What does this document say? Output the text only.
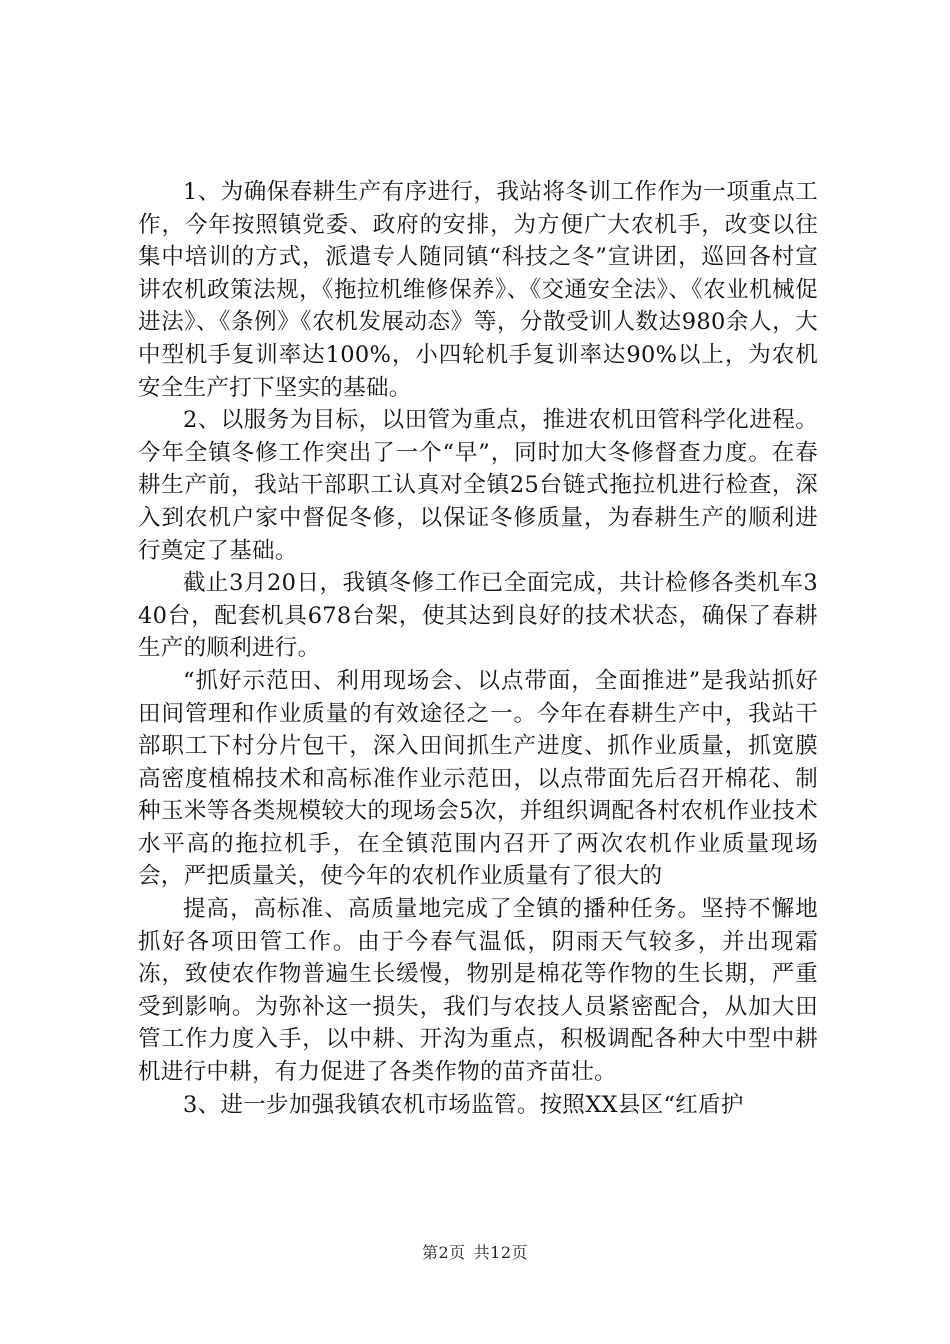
1、为确保春耕生产有序进行，我站将冬训工作作为一项重点工作，今年按照镇党委、政府的安排，为方便广大农机手，改变以往集中培训的方式，派遣专人随同镇“科技之冬”宣讲团，巡回各村宣讲农机政策法规，《拖拉机维修保养》、《交通安全法》、《农业机械促进法》、《条例》《农机发展动态》等，分散受训人数达980余人，大中型机手复训率达100%，小四轮机手复训率达90%以上，为农机安全生产打下坚实的基础。

2、以服务为目标，以田管为重点，推进农机田管科学化进程。今年全镇冬修工作突出了一个“早”，同时加大冬修督查力度。在春耕生产前，我站干部职工认真对全镇25台链式拖拉机进行检查，深入到农机户家中督促冬修，以保证冬修质量，为春耕生产的顺利进行奠定了基础。

截止3月20日，我镇冬修工作已全面完成，共计检修各类机车340台，配套机具678台架，使其达到良好的技术状态，确保了春耕生产的顺利进行。

“抓好示范田、利用现场会、以点带面，全面推进”是我站抓好田间管理和作业质量的有效途径之一。今年在春耕生产中，我站干部职工下村分片包干，深入田间抓生产进度、抓作业质量，抓宽膜高密度植棉技术和高标准作业示范田，以点带面先后召开棉花、制种玉米等各类规模较大的现场会5次，并组织调配各村农机作业技术水平高的拖拉机手，在全镇范围内召开了两次农机作业质量现场会，严把质量关，使今年的农机作业质量有了很大的

提高，高标准、高质量地完成了全镇的播种任务。坚持不懈地抓好各项田管工作。由于今春气温低，阴雨天气较多，并出现霜冻，致使农作物普遍生长缓慢，物别是棉花等作物的生长期，严重受到影响。为弥补这一损失，我们与农技人员紧密配合，从加大田管工作力度入手，以中耕、开沟为重点，积极调配各种大中型中耕机进行中耕，有力促进了各类作物的苗齐苗壮。

3、进一步加强我镇农机市场监管。按照XX县区“红盾护

第2页 共12页
